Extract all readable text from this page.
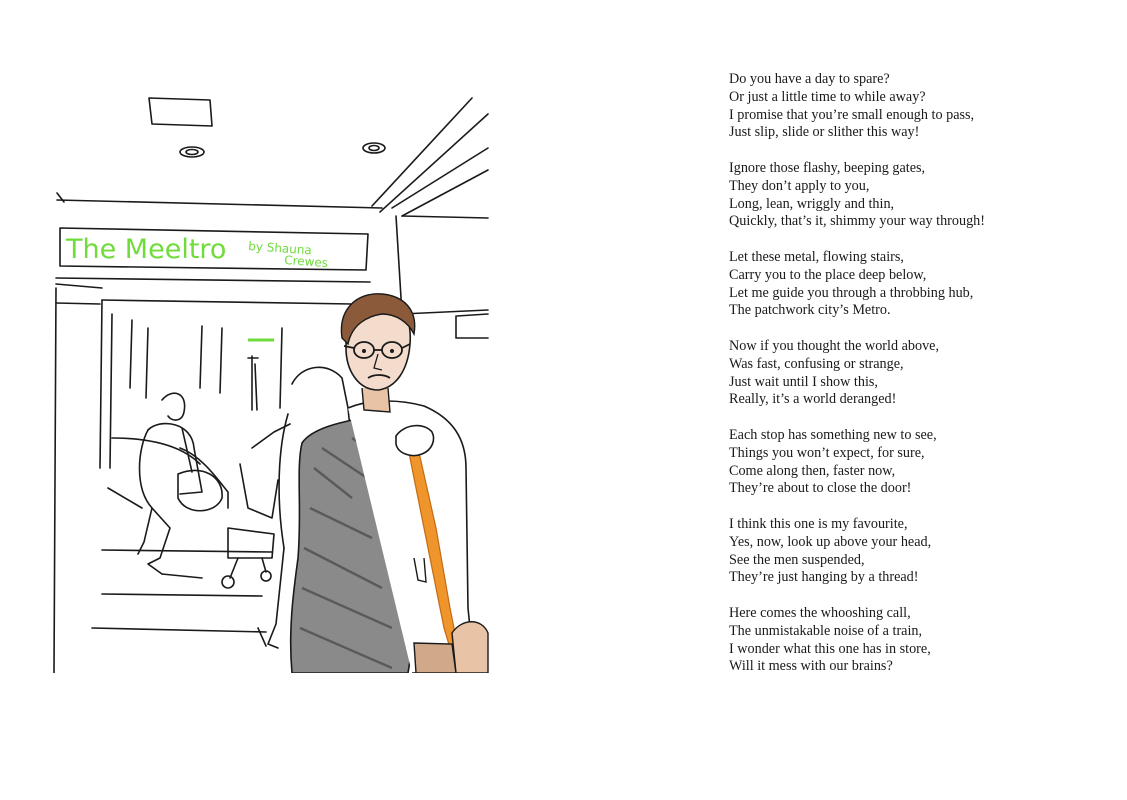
The Meeltro by Shauna
Crewes

Do you have a day to spare?
Or just a little time to while away?
I promise that you’re small enough to pass,
Just slip, slide or slither this way!

Ignore those flashy, beeping gates,
They don’t apply to you,
Long, lean, wriggly and thin,
Quickly, that’s it, shimmy your way through!

Let these metal, flowing stairs,
Carry you to the place deep below,
Let me guide you through a throbbing hub,
The patchwork city’s Metro.

Now if you thought the world above,
Was fast, confusing or strange,
Just wait until I show this,
Really, it’s a world deranged!

Each stop has something new to see,
Things you won’t expect, for sure,
Come along then, faster now,
They’re about to close the door!

I think this one is my favourite,
Yes, now, look up above your head,
See the men suspended,
They’re just hanging by a thread!

Here comes the whooshing call,
The unmistakable noise of a train,
I wonder what this one has in store,
Will it mess with our brains?
